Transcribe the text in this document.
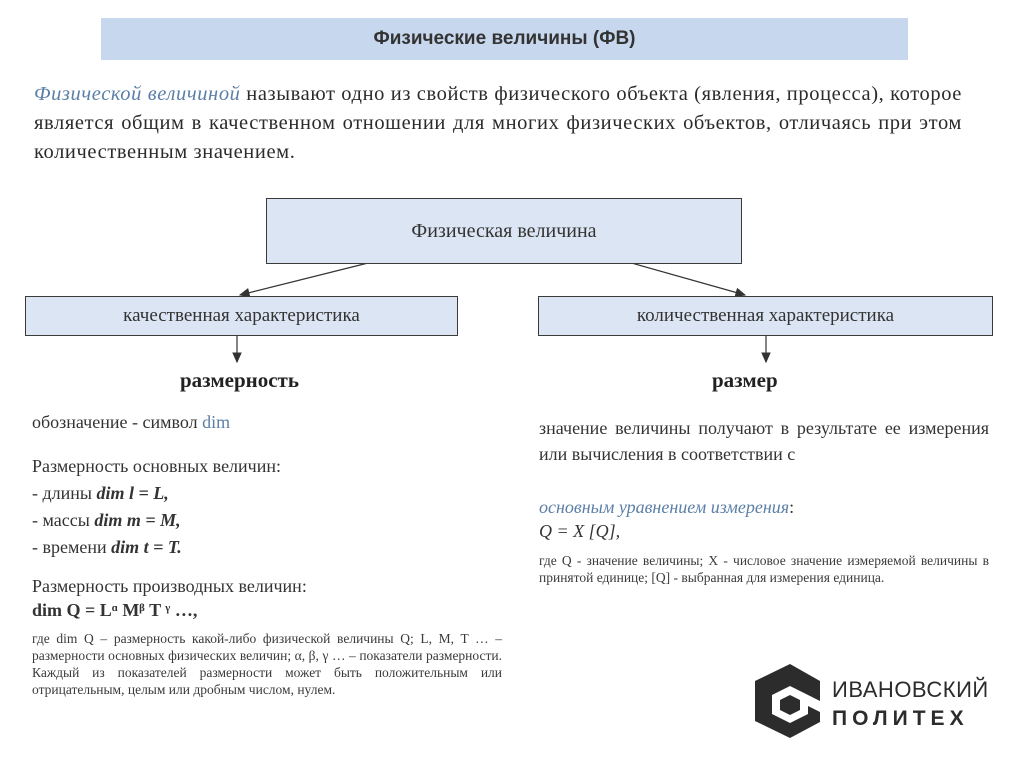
Физические величины (ФВ)
Физической величиной называют одно из свойств физического объекта (явления, процесса), которое является общим в качественном отношении для многих физических объектов, отличаясь при этом количественным значением.
Физическая величина
качественная характеристика	количественная характеристика
размерность	размер
обозначение - символ dim
Размерность основных величин:
- длины dim l = L,
- массы dim m = M,
- времени dim t = T.
Размерность производных величин:
dim Q = Lᵅ Mᵝ T ᵞ …,
где dim Q – размерность какой-либо физической величины Q; L, M, T … – размерности основных физических величин; α, β, γ … – показатели размерности. Каждый из показателей размерности может быть положительным или отрицательным, целым или дробным числом, нулем.
значение величины получают в результате ее измерения или вычисления в соответствии с
основным уравнением измерения:
Q = X [Q],
где Q - значение величины; X - числовое значение измеряемой величины в принятой единице; [Q] - выбранная для измерения единица.
ИВАНОВСКИЙ
ПОЛИТЕХ
